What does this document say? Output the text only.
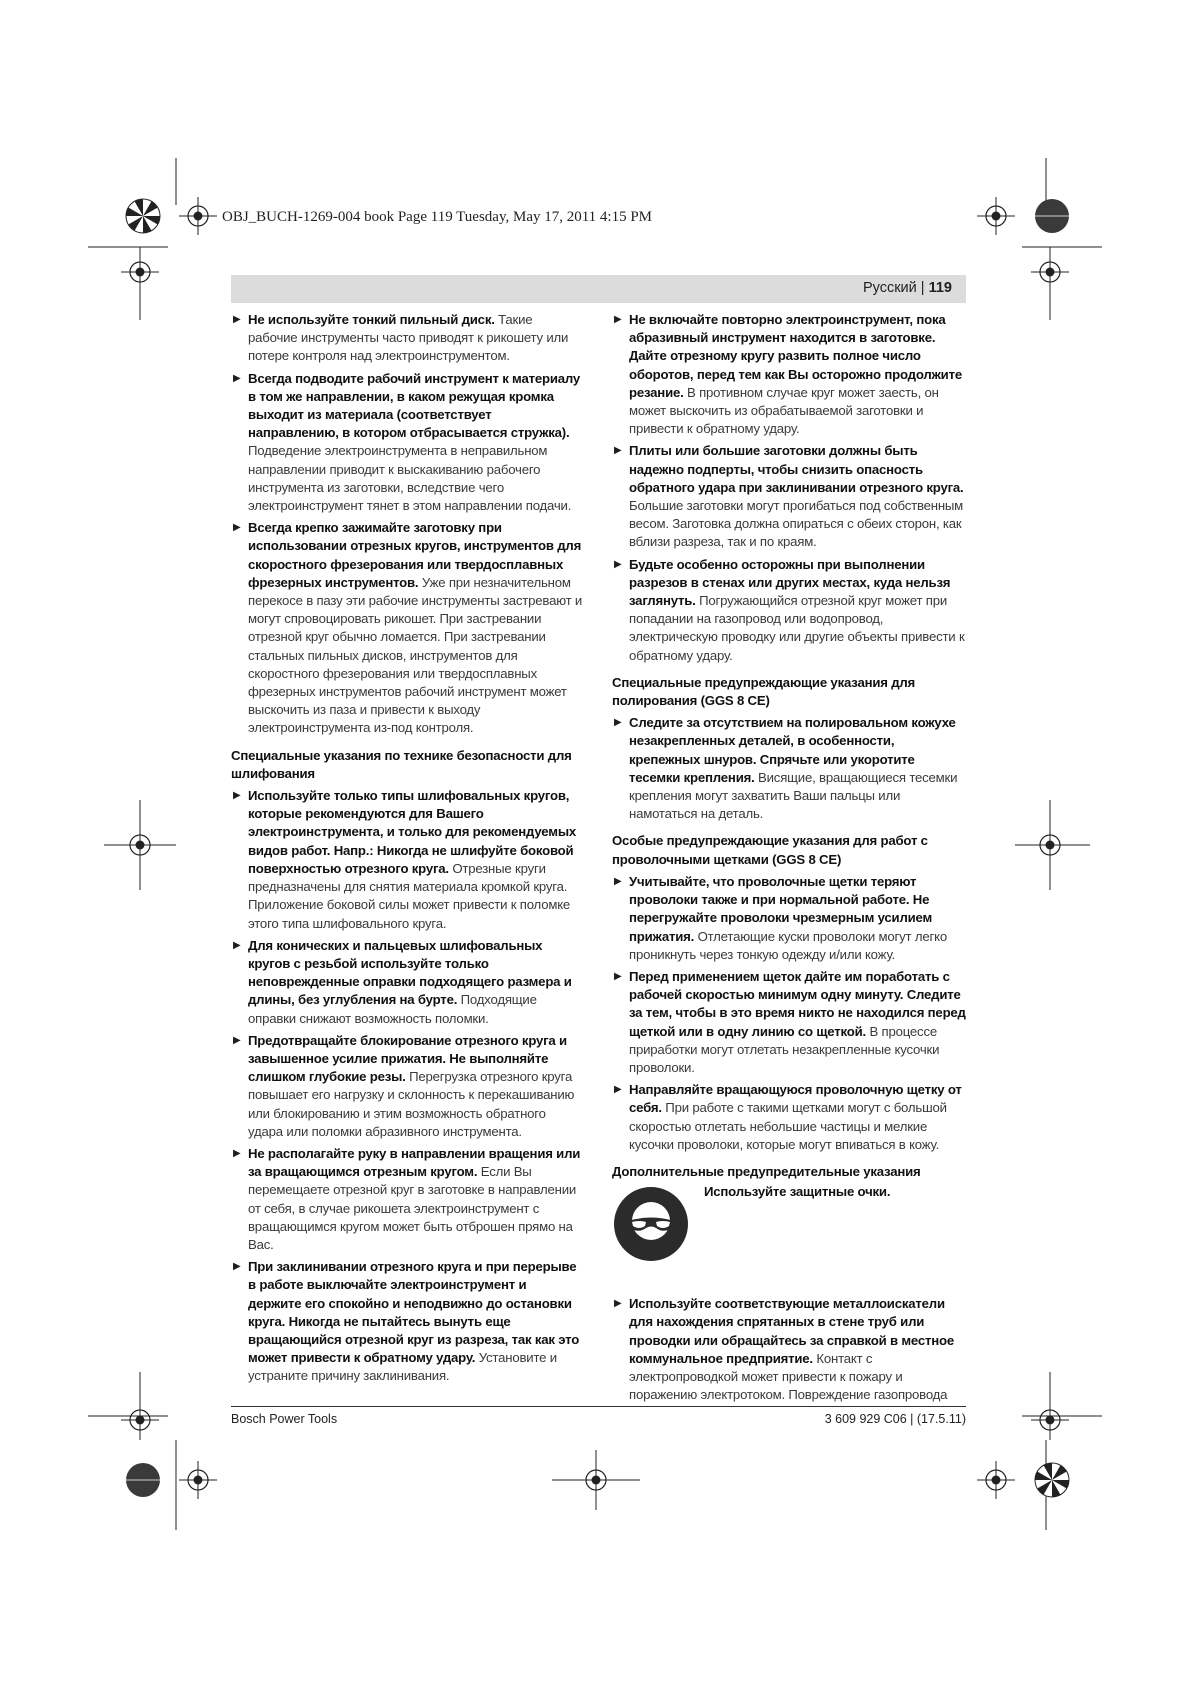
OBJ_BUCH-1269-004 book Page 119 Tuesday, May 17, 2011 4:15 PM
Русский | 119
▶ Не используйте тонкий пильный диск. Такие рабочие инструменты часто приводят к рикошету или потере контроля над электроинструментом.
▶ Всегда подводите рабочий инструмент к материалу в том же направлении, в каком режущая кромка выходит из материала (соответствует направлению, в котором отбрасывается стружка). Подведение электроинструмента в неправильном направлении приводит к выскакиванию рабочего инструмента из заготовки, вследствие чего электроинструмент тянет в этом направлении подачи.
▶ Всегда крепко зажимайте заготовку при использовании отрезных кругов, инструментов для скоростного фрезерования или твердосплавных фрезерных инструментов. Уже при незначительном перекосе в пазу эти рабочие инструменты застревают и могут спровоцировать рикошет. При застревании отрезной круг обычно ломается. При застревании стальных пильных дисков, инструментов для скоростного фрезерования или твердосплавных фрезерных инструментов рабочий инструмент может выскочить из паза и привести к выходу электроинструмента из-под контроля.
Специальные указания по технике безопасности для шлифования
▶ Используйте только типы шлифовальных кругов, которые рекомендуются для Вашего электроинструмента, и только для рекомендуемых видов работ. Напр.: Никогда не шлифуйте боковой поверхностью отрезного круга. Отрезные круги предназначены для снятия материала кромкой круга. Приложение боковой силы может привести к поломке этого типа шлифовального круга.
▶ Для конических и пальцевых шлифовальных кругов с резьбой используйте только неповрежденные оправки подходящего размера и длины, без углубления на бурте. Подходящие оправки снижают возможность поломки.
▶ Предотвращайте блокирование отрезного круга и завышенное усилие прижатия. Не выполняйте слишком глубокие резы. Перегрузка отрезного круга повышает его нагрузку и склонность к перекашиванию или блокированию и этим возможность обратного удара или поломки абразивного инструмента.
▶ Не располагайте руку в направлении вращения или за вращающимся отрезным кругом. Если Вы перемещаете отрезной круг в заготовке в направлении от себя, в случае рикошета электроинструмент с вращающимся кругом может быть отброшен прямо на Вас.
▶ При заклинивании отрезного круга и при перерыве в работе выключайте электроинструмент и держите его спокойно и неподвижно до остановки круга. Никогда не пытайтесь вынуть еще вращающийся отрезной круг из разреза, так как это может привести к обратному удару. Установите и устраните причину заклинивания.
▶ Не включайте повторно электроинструмент, пока абразивный инструмент находится в заготовке. Дайте отрезному кругу развить полное число оборотов, перед тем как Вы осторожно продолжите резание. В противном случае круг может заесть, он может выскочить из обрабатываемой заготовки и привести к обратному удару.
▶ Плиты или большие заготовки должны быть надежно подперты, чтобы снизить опасность обратного удара при заклинивании отрезного круга. Большие заготовки могут прогибаться под собственным весом. Заготовка должна опираться с обеих сторон, как вблизи разреза, так и по краям.
▶ Будьте особенно осторожны при выполнении разрезов в стенах или других местах, куда нельзя заглянуть. Погружающийся отрезной круг может при попадании на газопровод или водопровод, электрическую проводку или другие объекты привести к обратному удару.
Специальные предупреждающие указания для полирования (GGS 8 CE)
▶ Следите за отсутствием на полировальном кожухе незакрепленных деталей, в особенности, крепежных шнуров. Спрячьте или укоротите тесемки крепления. Висящие, вращающиеся тесемки крепления могут захватить Ваши пальцы или намотаться на деталь.
Особые предупреждающие указания для работ с проволочными щетками (GGS 8 CE)
▶ Учитывайте, что проволочные щетки теряют проволоки также и при нормальной работе. Не перегружайте проволоки чрезмерным усилием прижатия. Отлетающие куски проволоки могут легко проникнуть через тонкую одежду и/или кожу.
▶ Перед применением щеток дайте им поработать с рабочей скоростью минимум одну минуту. Следите за тем, чтобы в это время никто не находился перед щеткой или в одну линию со щеткой. В процессе приработки могут отлетать незакрепленные кусочки проволоки.
▶ Направляйте вращающуюся проволочную щетку от себя. При работе с такими щетками могут с большой скоростью отлетать небольшие частицы и мелкие кусочки проволоки, которые могут впиваться в кожу.
Дополнительные предупредительные указания
Используйте защитные очки.
▶ Используйте соответствующие металлоискатели для нахождения спрятанных в стене труб или проводки или обращайтесь за справкой в местное коммунальное предприятие. Контакт с электропроводкой может привести к пожару и поражению электротоком. Повреждение газопровода
Bosch Power Tools	3 609 929 C06 | (17.5.11)
